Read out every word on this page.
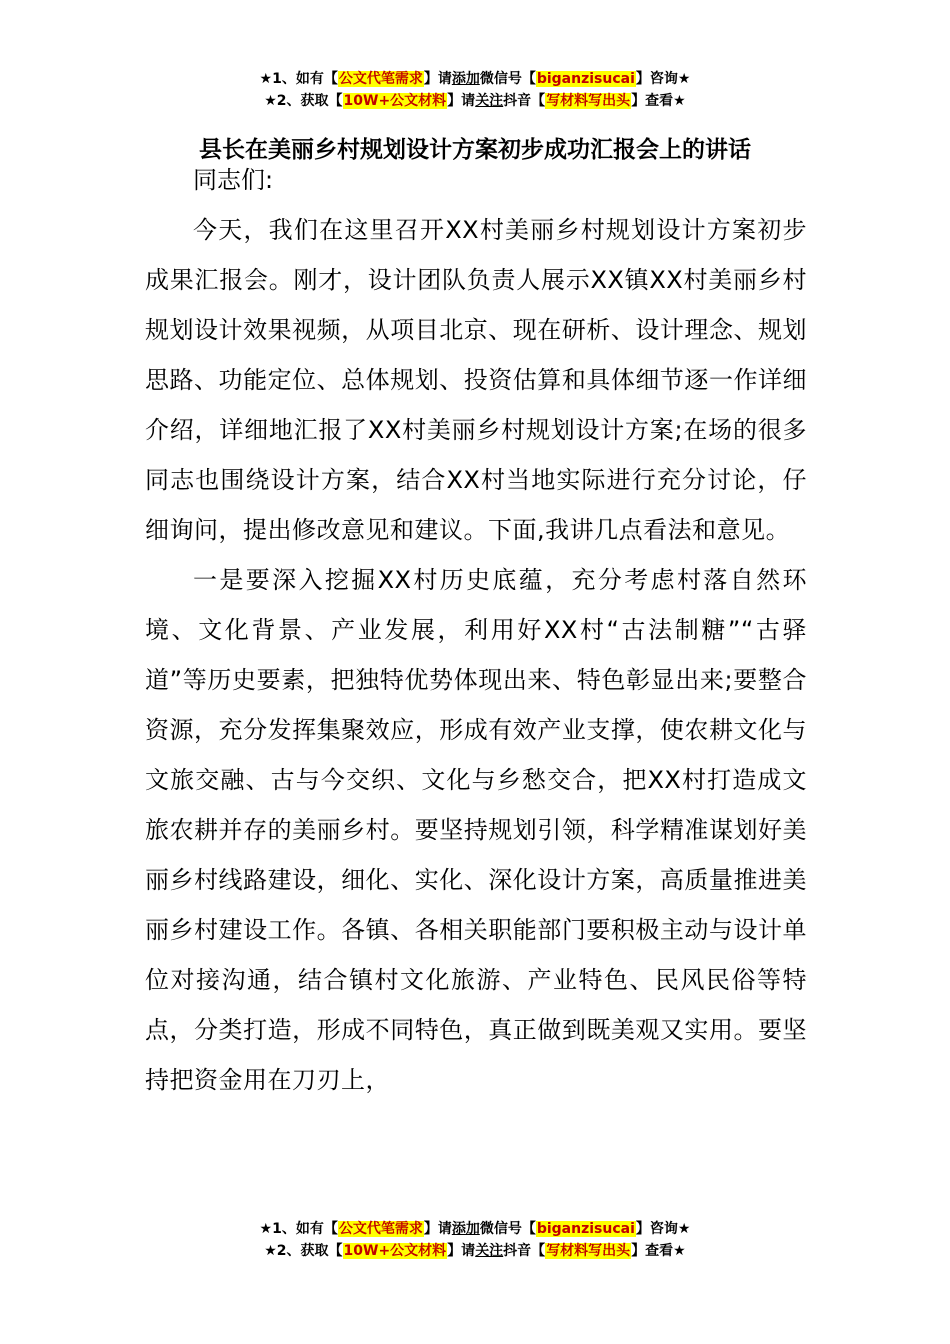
★1、如有【公文代笔需求】请添加微信号【biganzisucai】咨询★
★2、获取【10W+公文材料】请关注抖音【写材料写出头】查看★
县长在美丽乡村规划设计方案初步成功汇报会上的讲话

同志们:

今天，我们在这里召开XX村美丽乡村规划设计方案初步成果汇报会。刚才，设计团队负责人展示XX镇XX村美丽乡村规划设计效果视频，从项目北京、现在研析、设计理念、规划思路、功能定位、总体规划、投资估算和具体细节逐一作详细介绍，详细地汇报了XX村美丽乡村规划设计方案;在场的很多同志也围绕设计方案，结合XX村当地实际进行充分讨论，仔细询问，提出修改意见和建议。下面,我讲几点看法和意见。

一是要深入挖掘XX村历史底蕴，充分考虑村落自然环境、文化背景、产业发展，利用好XX村“古法制糖”“古驿道”等历史要素，把独特优势体现出来、特色彰显出来;要整合资源，充分发挥集聚效应，形成有效产业支撑，使农耕文化与文旅交融、古与今交织、文化与乡愁交合，把XX村打造成文旅农耕并存的美丽乡村。要坚持规划引领，科学精准谋划好美丽乡村线路建设，细化、实化、深化设计方案，高质量推进美丽乡村建设工作。各镇、各相关职能部门要积极主动与设计单位对接沟通，结合镇村文化旅游、产业特色、民风民俗等特点，分类打造，形成不同特色，真正做到既美观又实用。要坚持把资金用在刀刃上，

★1、如有【公文代笔需求】请添加微信号【biganzisucai】咨询★
★2、获取【10W+公文材料】请关注抖音【写材料写出头】查看★
